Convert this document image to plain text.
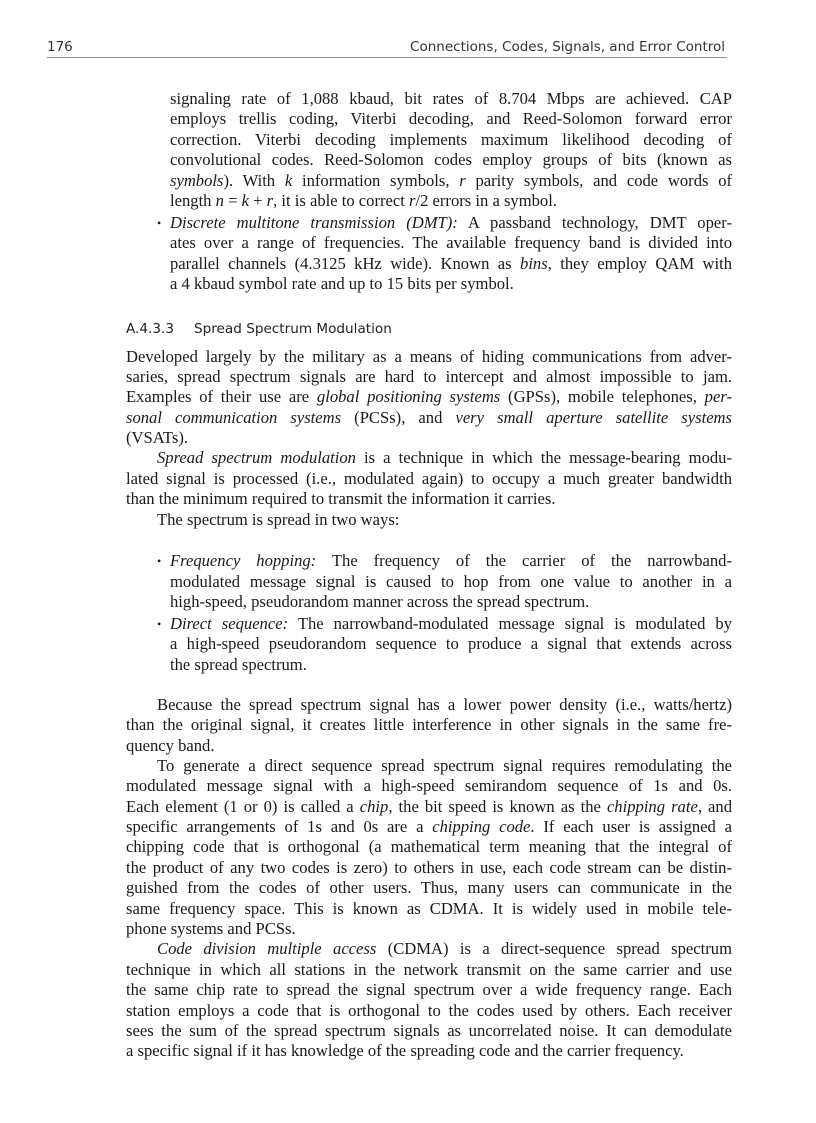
176	Connections, Codes, Signals, and Error Control
signaling rate of 1,088 kbaud, bit rates of 8.704 Mbps are achieved. CAP
employs trellis coding, Viterbi decoding, and Reed-Solomon forward error
correction. Viterbi decoding implements maximum likelihood decoding of
convolutional codes. Reed-Solomon codes employ groups of bits (known as
symbols). With k information symbols, r parity symbols, and code words of
length n = k + r, it is able to correct r/2 errors in a symbol.
• Discrete multitone transmission (DMT): A passband technology, DMT oper-
ates over a range of frequencies. The available frequency band is divided into
parallel channels (4.3125 kHz wide). Known as bins, they employ QAM with
a 4 kbaud symbol rate and up to 15 bits per symbol.
A.4.3.3 Spread Spectrum Modulation
Developed largely by the military as a means of hiding communications from adver-
saries, spread spectrum signals are hard to intercept and almost impossible to jam.
Examples of their use are global positioning systems (GPSs), mobile telephones, per-
sonal communication systems (PCSs), and very small aperture satellite systems
(VSATs).
Spread spectrum modulation is a technique in which the message-bearing modu-
lated signal is processed (i.e., modulated again) to occupy a much greater bandwidth
than the minimum required to transmit the information it carries.
The spectrum is spread in two ways:
• Frequency hopping: The frequency of the carrier of the narrowband-
modulated message signal is caused to hop from one value to another in a
high-speed, pseudorandom manner across the spread spectrum.
• Direct sequence: The narrowband-modulated message signal is modulated by
a high-speed pseudorandom sequence to produce a signal that extends across
the spread spectrum.
Because the spread spectrum signal has a lower power density (i.e., watts/hertz)
than the original signal, it creates little interference in other signals in the same fre-
quency band.
To generate a direct sequence spread spectrum signal requires remodulating the
modulated message signal with a high-speed semirandom sequence of 1s and 0s.
Each element (1 or 0) is called a chip, the bit speed is known as the chipping rate, and
specific arrangements of 1s and 0s are a chipping code. If each user is assigned a
chipping code that is orthogonal (a mathematical term meaning that the integral of
the product of any two codes is zero) to others in use, each code stream can be distin-
guished from the codes of other users. Thus, many users can communicate in the
same frequency space. This is known as CDMA. It is widely used in mobile tele-
phone systems and PCSs.
Code division multiple access (CDMA) is a direct-sequence spread spectrum
technique in which all stations in the network transmit on the same carrier and use
the same chip rate to spread the signal spectrum over a wide frequency range. Each
station employs a code that is orthogonal to the codes used by others. Each receiver
sees the sum of the spread spectrum signals as uncorrelated noise. It can demodulate
a specific signal if it has knowledge of the spreading code and the carrier frequency.
